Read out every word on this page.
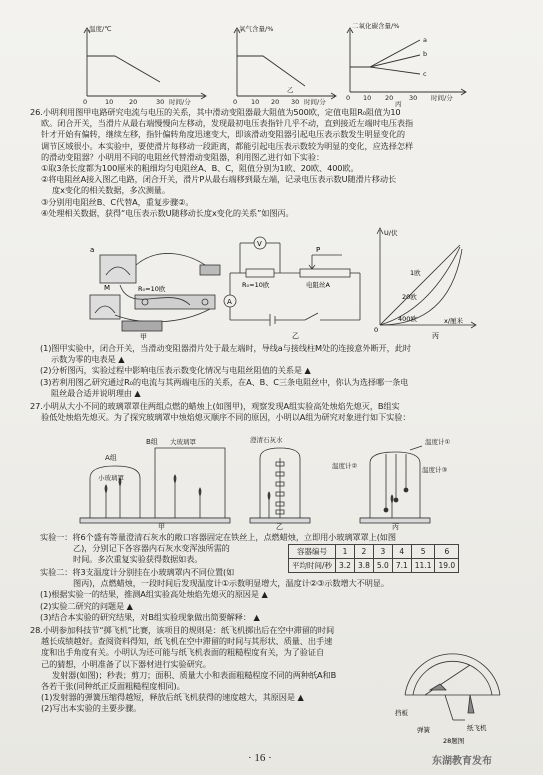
温度/℃
0	10 20	30 时间/分
氧气含量/%
0 10 20 30 时间/分
乙
二氧化碳含量/%
0 10 20 30 时间/分
a
b
c
丙
26.小明利用图甲电路研究电流与电压的关系，其中滑动变阻器最大阻值为500欧，定值电阻R₀阻值为10
欧。闭合开关，当滑片从最右端慢慢向左移动，发现最初电压表指针几乎不动，直到接近左端时电压表指
针才开始有偏转，继续左移，指针偏转角度迅速变大，即该滑动变阻器引起电压表示数发生明显变化的
调节区域很小。本实验中，要使滑片每移动一段距离，都能引起电压表示数较为明显的变化，应选择怎样
的滑动变阻器？小明用不同的电阻丝代替滑动变阻器，利用图乙进行如下实验：
①取3条长度都为100厘米的粗细均匀电阻丝A、B、C，阻值分别为1欧、20欧、400欧。
②将电阻丝A接入图乙电路，闭合开关，滑片P从最右端移到最左端，记录电压表示数U随滑片移动长
度x变化的相关数据，多次测量。
③分别用电阻丝B、C代替A，重复步骤②。
④处理相关数据，获得“电压表示数U随移动长度x变化的关系”如图丙。
a
M	R₀=10欧
甲
V
A
R₀=10欧
P
电阻丝A
乙
U/伏
x/厘米
1欧
20欧
400欧
0
丙
(1)图甲实验中，闭合开关，当滑动变阻器滑片处于最左端时，导线a与接线柱M处的连接意外断开，此时
示数为零的电表是 ▲
(2)分析图丙，实验过程中影响电压表示数变化情况与电阻丝阻值的关系是 ▲
(3)若利用图乙研究通过R₀的电流与其两端电压的关系，在A、B、C三条电阻丝中，你认为选择哪一条电
阻丝最合适并说明理由 ▲
27.小明从大小不同的玻璃罩罩住两组点燃的蜡烛上(如图甲)，观察发现A组实验高处烛焰先熄灭，B组实
验低处烛焰先熄灭。为了探究玻璃罩中烛焰熄灭顺序不同的原因，小明以A组为研究对象进行如下实验：
A组
小玻璃罩
B组 大玻璃罩	澄清石灰水	温度计①
温度计②	温度计③
甲	乙	丙
实验一：将6个盛有等量澄清石灰水的敞口容器固定在铁丝上，点燃蜡烛，立即用小玻璃罩罩上(如图
乙)，分别记下各容器内石灰水变浑浊所需的
时间。多次重复实验获得数据如表。
容器编号	1	2	3	4	5	6
平均时间/秒	3.2	3.8	5.0	7.1	11.1	19.0
实验二：将3支温度计分别挂在小玻璃罩内不同位置(如
图丙)，点燃蜡烛，一段时间后发现温度计①示数明显增大，温度计②③示数增大不明显。
(1)根据实验一的结果，推测A组实验高处烛焰先熄灭的原因是 ▲
(2)实验二研究的问题是 ▲
(3)结合本实验的研究结果，对B组实验现象做出简要解释： ▲
28.小明参加科技节“掷飞机”比赛，该项目的规则是：纸飞机掷出后在空中滞留的时间
越长成绩越好。查阅资料得知，纸飞机在空中滞留的时间与其形状、质量、出手速
度和出手角度有关。小明认为还可能与纸飞机表面的粗糙程度有关，为了验证自
己的猜想，小明准备了以下器材进行实验研究。
发射器(如图)；秒表；剪刀；面积、质量大小和表面粗糙程度不同的两种纸A和B
各若干张(同种纸正反面粗糙程度相同)。
(1)发射器的弹簧压缩得越短，释放后纸飞机获得的速度越大，其原因是 ▲
(2)写出本实验的主要步骤。	挡板
弹簧	纸飞机
28题图
· 16 ·	东湖教育发布
